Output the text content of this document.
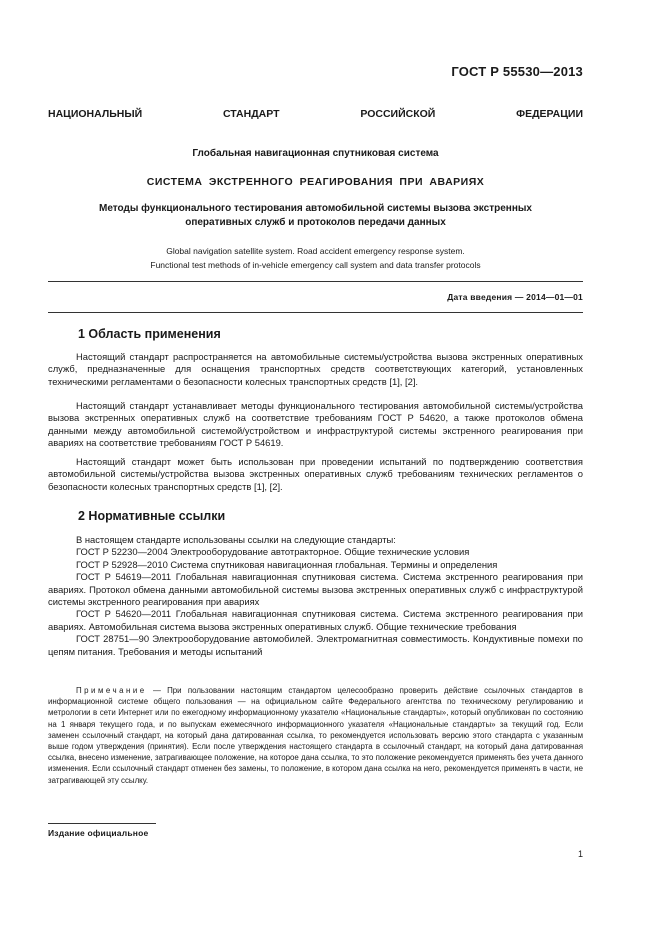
ГОСТ Р 55530—2013
НАЦИОНАЛЬНЫЙ	СТАНДАРТ	РОССИЙСКОЙ	ФЕДЕРАЦИИ
Глобальная навигационная спутниковая система
СИСТЕМА ЭКСТРЕННОГО РЕАГИРОВАНИЯ ПРИ АВАРИЯХ
Методы функционального тестирования автомобильной системы вызова экстренных
оперативных служб и протоколов передачи данных
Global navigation satellite system. Road accident emergency response system.
Functional test methods of in-vehicle emergency call system and data transfer protocols
Дата введения — 2014—01—01
1 Область применения

Настоящий стандарт распространяется на автомобильные системы/устройства вызова экстренных оперативных служб, предназначенные для оснащения транспортных средств соответствующих категорий, установленных техническими регламентами о безопасности колесных транспортных средств [1], [2].

Настоящий стандарт устанавливает методы функционального тестирования автомобильной системы/устройства вызова экстренных оперативных служб на соответствие требованиям ГОСТ Р 54620, а также протоколов обмена данными между автомобильной системой/устройством и инфраструктурой системы экстренного реагирования при авариях на соответствие требованиям ГОСТ Р 54619.

Настоящий стандарт может быть использован при проведении испытаний по подтверждению соответствия автомобильной системы/устройства вызова экстренных оперативных служб требованиям технических регламентов о безопасности колесных транспортных средств [1], [2].

2 Нормативные ссылки

В настоящем стандарте использованы ссылки на следующие стандарты:

ГОСТ Р 52230—2004 Электрооборудование автотракторное. Общие технические условия

ГОСТ Р 52928—2010 Система спутниковая навигационная глобальная. Термины и определения

ГОСТ Р 54619—2011 Глобальная навигационная спутниковая система. Система экстренного реагирования при авариях. Протокол обмена данными автомобильной системы вызова экстренных оперативных служб с инфраструктурой системы экстренного реагирования при авариях

ГОСТ Р 54620—2011 Глобальная навигационная спутниковая система. Система экстренного реагирования при авариях. Автомобильная система вызова экстренных оперативных служб. Общие технические требования

ГОСТ 28751—90 Электрооборудование автомобилей. Электромагнитная совместимость. Кондуктивные помехи по цепям питания. Требования и методы испытаний

Примечание — При пользовании настоящим стандартом целесообразно проверить действие ссылочных стандартов в информационной системе общего пользования — на официальном сайте Федерального агентства по техническому регулированию и метрологии в сети Интернет или по ежегодному информационному указателю «Национальные стандарты», который опубликован по состоянию на 1 января текущего года, и по выпускам ежемесячного информационного указателя «Национальные стандарты» за текущий год. Если заменен ссылочный стандарт, на который дана датированная ссылка, то рекомендуется использовать версию этого стандарта с указанным выше годом утверждения (принятия). Если после утверждения настоящего стандарта в ссылочный стандарт, на который дана датированная ссылка, внесено изменение, затрагивающее положение, на которое дана ссылка, то это положение рекомендуется применять без учета данного изменения. Если ссылочный стандарт отменен без замены, то положение, в котором дана ссылка на него, рекомендуется применять в части, не затрагивающей эту ссылку.

Издание официальное
1
